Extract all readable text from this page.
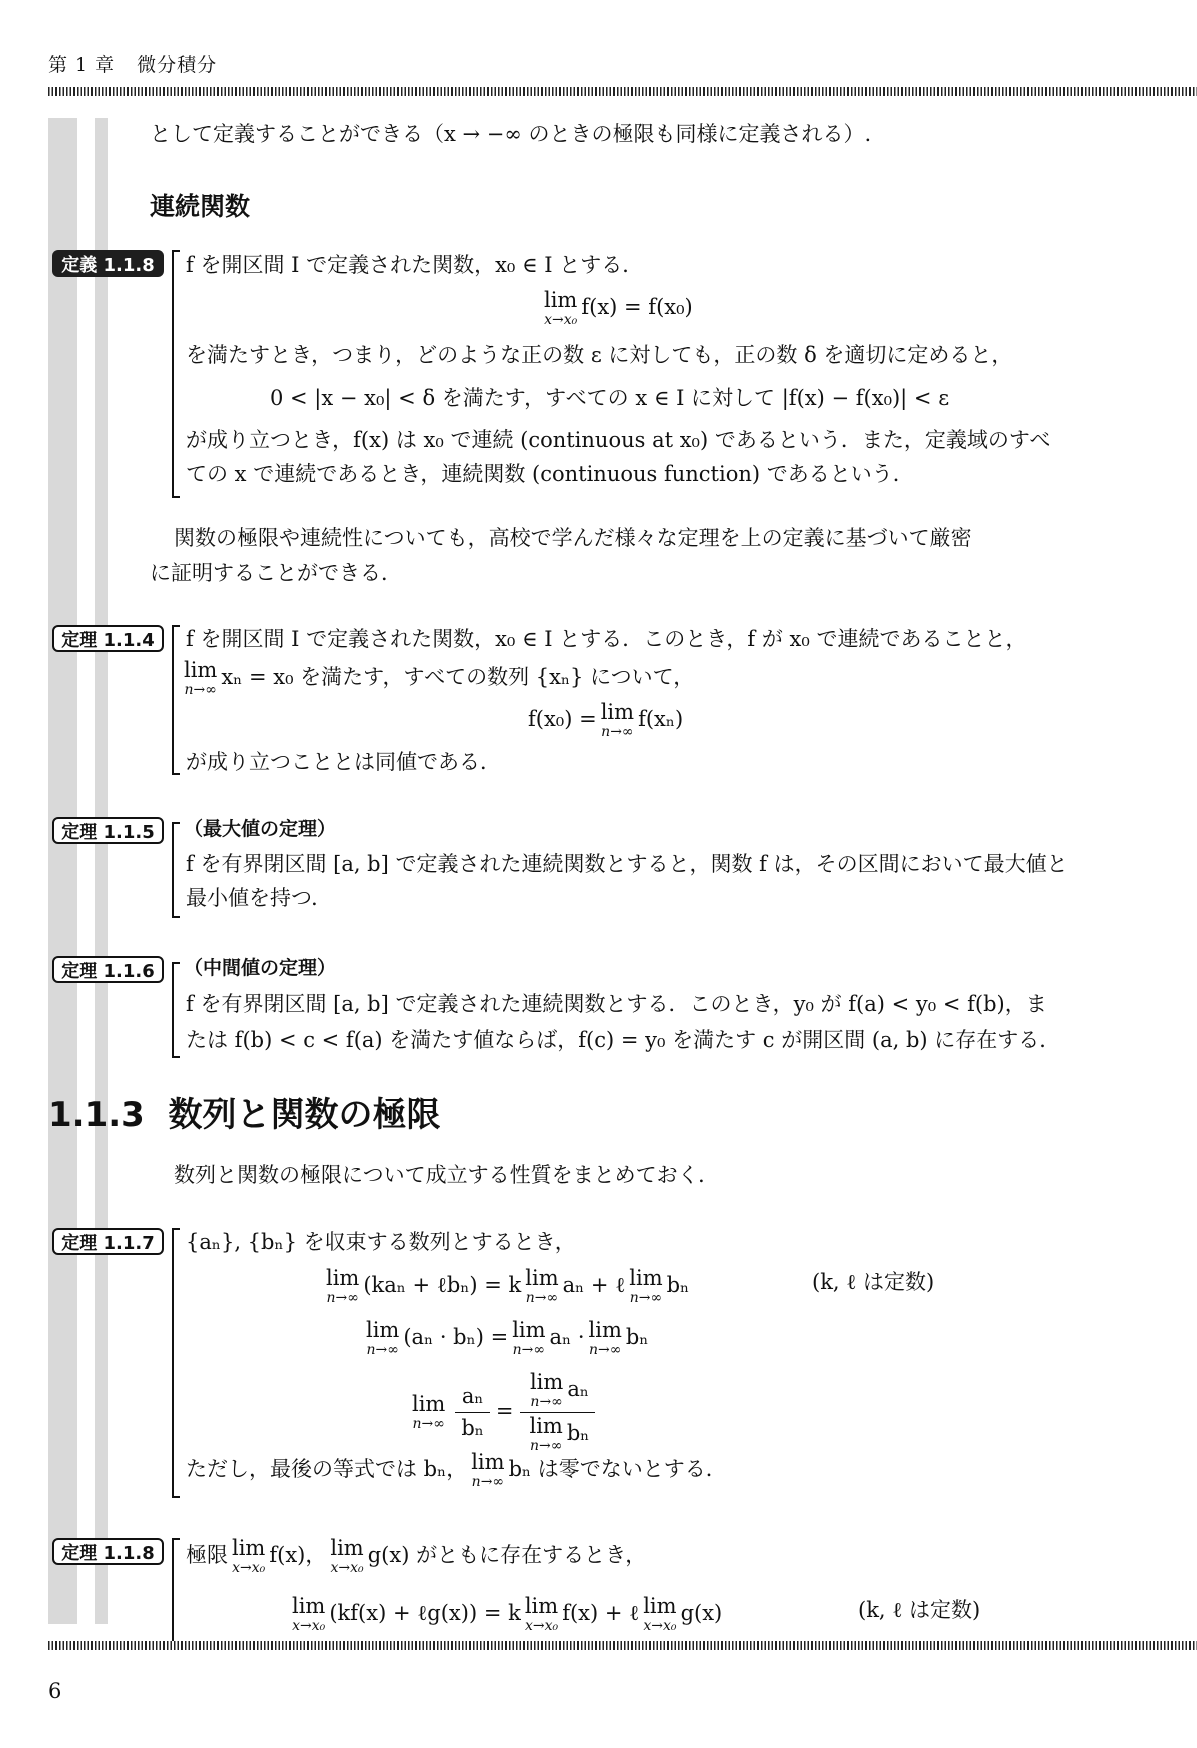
第 1 章 微分積分
6
として定義することができる（x → −∞ のときの極限も同様に定義される）.
連続関数
定義 1.1.8	f を開区間 I で定義された関数，x₀ ∈ I とする．
lim
x→x₀
f(x) = f(x₀)
を満たすとき，つまり，どのような正の数 ε に対しても，正の数 δ を適切に定めると，
0 < |x − x₀| < δ を満たす，すべての x ∈ I に対して |f(x) − f(x₀)| < ε
が成り立つとき，f(x) は x₀ で連続 (continuous at x₀) であるという．また，定義域のすべ
ての x で連続であるとき，連続関数 (continuous function) であるという．
関数の極限や連続性についても，高校で学んだ様々な定理を上の定義に基づいて厳密
に証明することができる．
定理 1.1.4	f を開区間 I で定義された関数，x₀ ∈ I とする．このとき，f が x₀ で連続であることと，
lim
n→∞
xₙ = x₀ を満たす，すべての数列 {xₙ} について，
f(x₀) = lim
n→∞
f(xₙ)
が成り立つこととは同値である．
定理 1.1.5	（最大値の定理）
f を有界閉区間 [a, b] で定義された連続関数とすると，関数 f は，その区間において最大値と
最小値を持つ．
定理 1.1.6	（中間値の定理）
f を有界閉区間 [a, b] で定義された連続関数とする．このとき，y₀ が f(a) < y₀ < f(b)，ま
たは f(b) < c < f(a) を満たす値ならば，f(c) = y₀ を満たす c が開区間 (a, b) に存在する．
1.1.3 数列と関数の極限
数列と関数の極限について成立する性質をまとめておく．
定理 1.1.7	{aₙ}, {bₙ} を収束する数列とするとき，
lim
n→∞
(kaₙ + ℓbₙ) = k lim
n→∞
aₙ + ℓ lim
n→∞
bₙ	(k, ℓ は定数)
lim
n→∞
(aₙ · bₙ) = lim
n→∞
aₙ · lim
n→∞
bₙ
lim
$n\to\infty \frac{\text{aₙ}}{\text{bₙ}} = \lim$
n→∞
aₙ
lim
n→∞
bₙ
ただし，最後の等式では bₙ， lim
n→∞
bₙ は零でないとする．
定理 1.1.8	極限 lim
x→x₀
f(x)， lim
x→x₀
g(x) がともに存在するとき，
lim
x→x₀
(kf(x) + ℓg(x)) = k lim
x→x₀
f(x) + ℓ lim
x→x₀
g(x)	(k, ℓ は定数)
